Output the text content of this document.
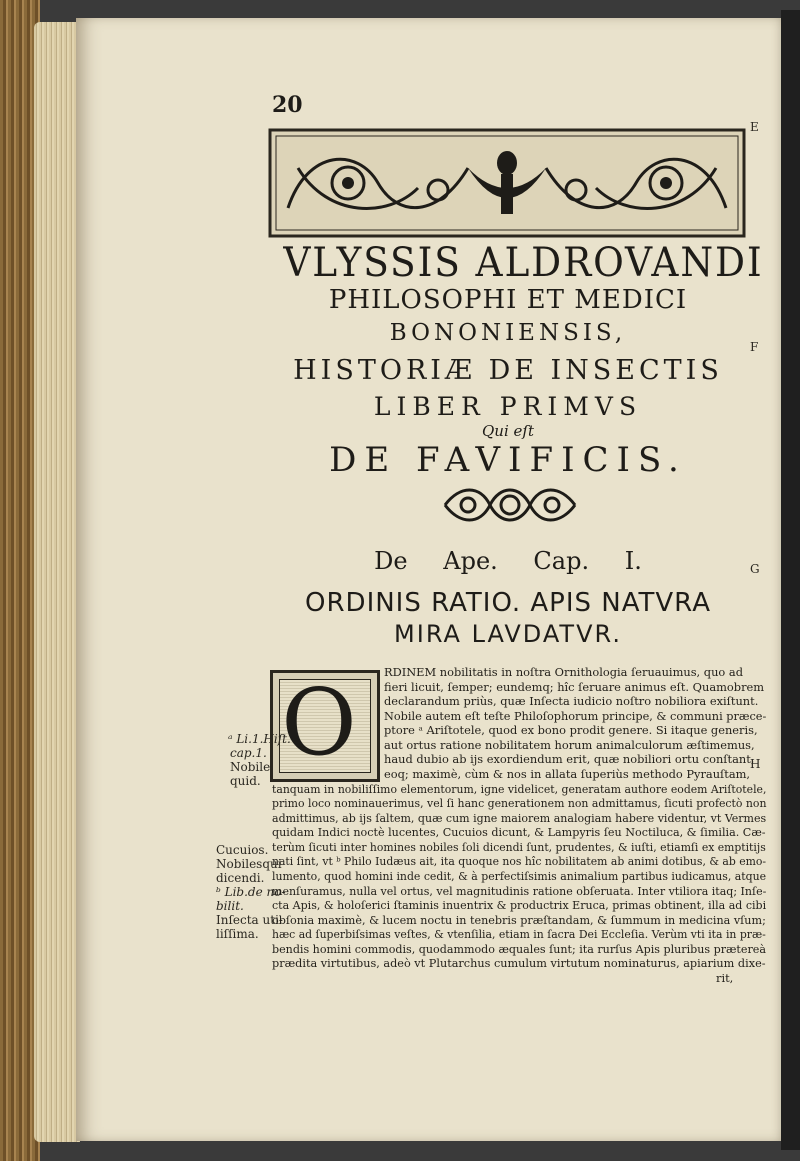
20
E
F
G
H
VLYSSIS ALDROVANDI
PHILOSOPHI ET MEDICI
BONONIENSIS,
HISTORIÆ DE INSECTIS
LIBER PRIMVS
Qui eſt
DE FAVIFICIS.
De Ape. Cap. I.
ORDINIS RATIO. APIS NATVRA
MIRA LAVDATVR.
O
ᵃ Li.1.Hiſt.
cap.1.
Nobile
quid.
Cucuios.
Nobilesqui
dicendi.
ᵇ Lib.de no-
bilit.
Inſecta uti-
liſſima.
RDINEM nobilitatis in noſtra Ornithologia ſeruauimus, quo ad
fieri licuit, ſemper; eundemq; hîc ſeruare animus eſt. Quamobrem
declarandum priùs, quæ Inſecta iudicio noſtro nobiliora exiſtunt.
Nobile autem eſt teſte Philoſophorum principe, & communi præce-
ptore ᵃ Ariſtotele, quod ex bono prodit genere. Si itaque generis,
aut ortus ratione nobilitatem horum animalculorum æſtimemus,
haud dubio ab ijs exordiendum erit, quæ nobiliori ortu conſtant,
eoq; maximè, cùm & nos in allata ſuperiùs methodo Pyrauſtam,
tanquam in nobiliſſimo elementorum, igne videlicet, generatam authore eodem Ariſtotele,
primo loco nominauerimus, vel ſi hanc generationem non admittamus, ſicuti profectò non
admittimus, ab ijs ſaltem, quæ cum igne maiorem analogiam habere videntur, vt Vermes
quidam Indici noctè lucentes, Cucuios dicunt, & Lampyris ſeu Noctiluca, & ſimilia. Cæ-
terùm ſicuti inter homines nobiles ſoli dicendi ſunt, prudentes, & iuſti, etiamſi ex emptitijs
nati ſint, vt ᵇ Philo Iudæus ait, ita quoque nos hîc nobilitatem ab animi dotibus, & ab emo-
lumento, quod homini inde cedit, & à perfectiſsimis animalium partibus iudicamus, atque
menſuramus, nulla vel ortus, vel magnitudinis ratione obſeruata. Inter vtiliora itaq; Inſe-
cta Apis, & holoſerici ſtaminis inuentrix & productrix Eruca, primas obtinent, illa ad cibi
obſonia maximè, & lucem noctu in tenebris præſtandam, & ſummum in medicina vſum;
hæc ad ſuperbiſsimas veſtes, & vtenſilia, etiam in ſacra Dei Eccleſia. Verùm vti ita in præ-
bendis homini commodis, quodammodo æquales ſunt; ita rurſus Apis pluribus prætereà
prædita virtutibus, adeò vt Plutarchus cumulum virtutum nominaturus, apiarium dixe-
rit,
